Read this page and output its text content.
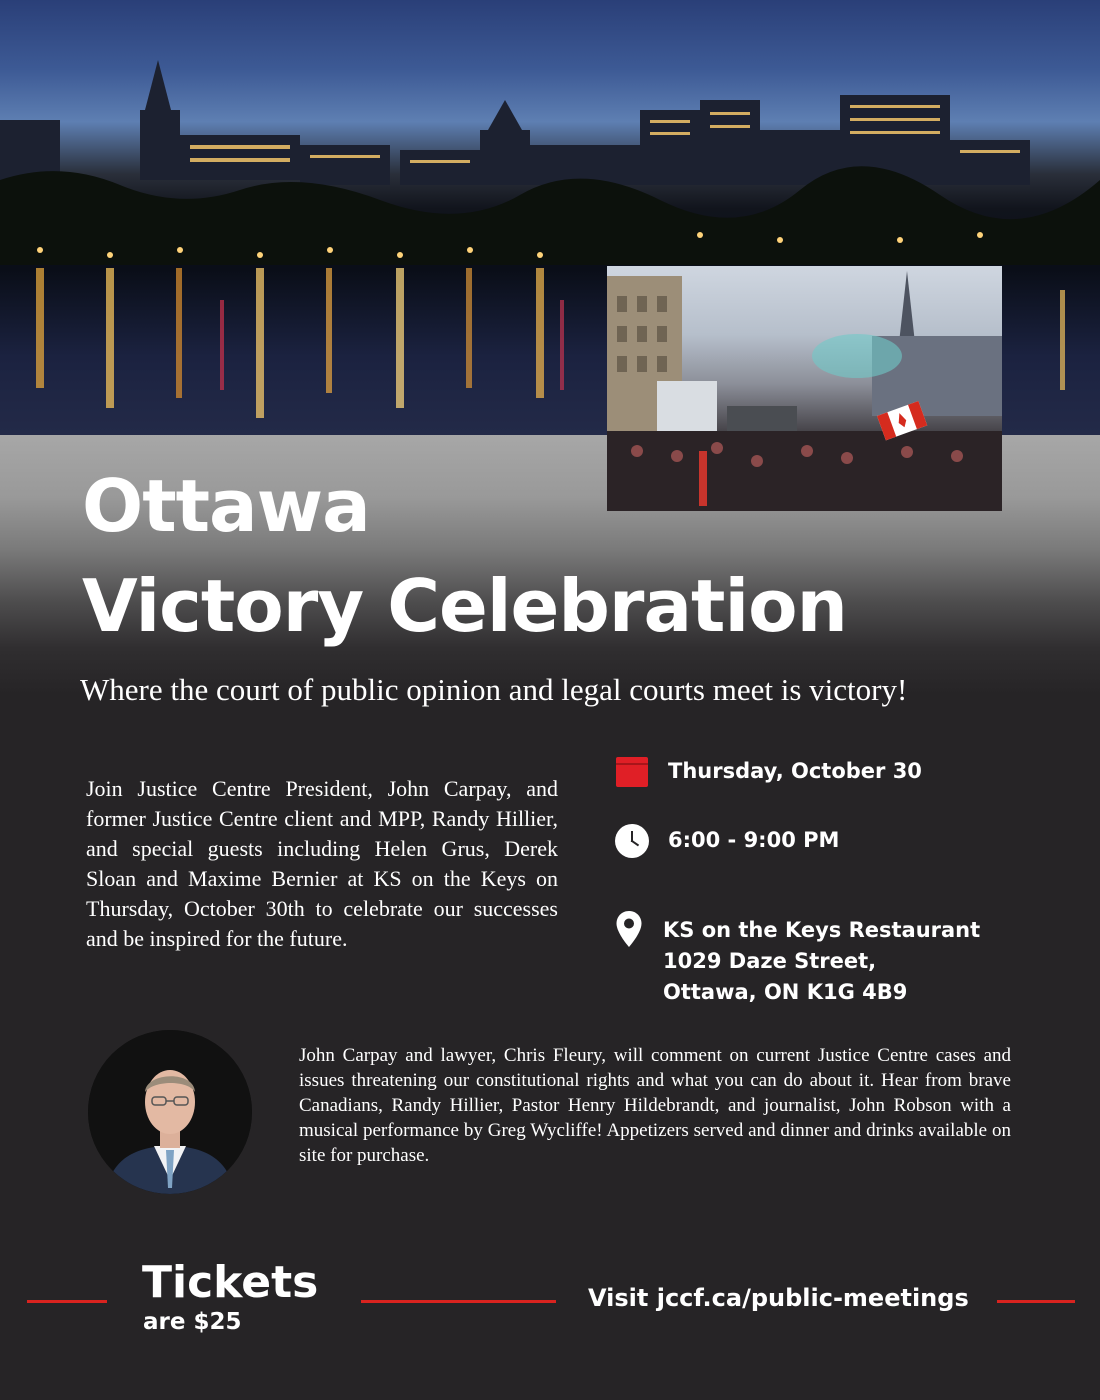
Ottawa
Victory Celebration

Where the court of public opinion and legal courts meet is victory!

Join Justice Centre President, John Carpay, and former Justice Centre client and MPP, Randy Hillier, and special guests including Helen Grus, Derek Sloan and Maxime Bernier at KS on the Keys on Thursday, October 30th to celebrate our successes and be inspired for the future.

Thursday, October 30
6:00 - 9:00 PM
KS on the Keys Restaurant
1029 Daze Street,
Ottawa, ON K1G 4B9

John Carpay and lawyer, Chris Fleury, will comment on current Justice Centre cases and issues threatening our constitutional rights and what you can do about it. Hear from brave Canadians, Randy Hillier, Pastor Henry Hildebrandt, and journalist, John Robson with a musical performance by Greg Wycliffe! Appetizers served and dinner and drinks available on site for purchase.

Tickets

are $25

Visit jccf.ca/public-meetings
